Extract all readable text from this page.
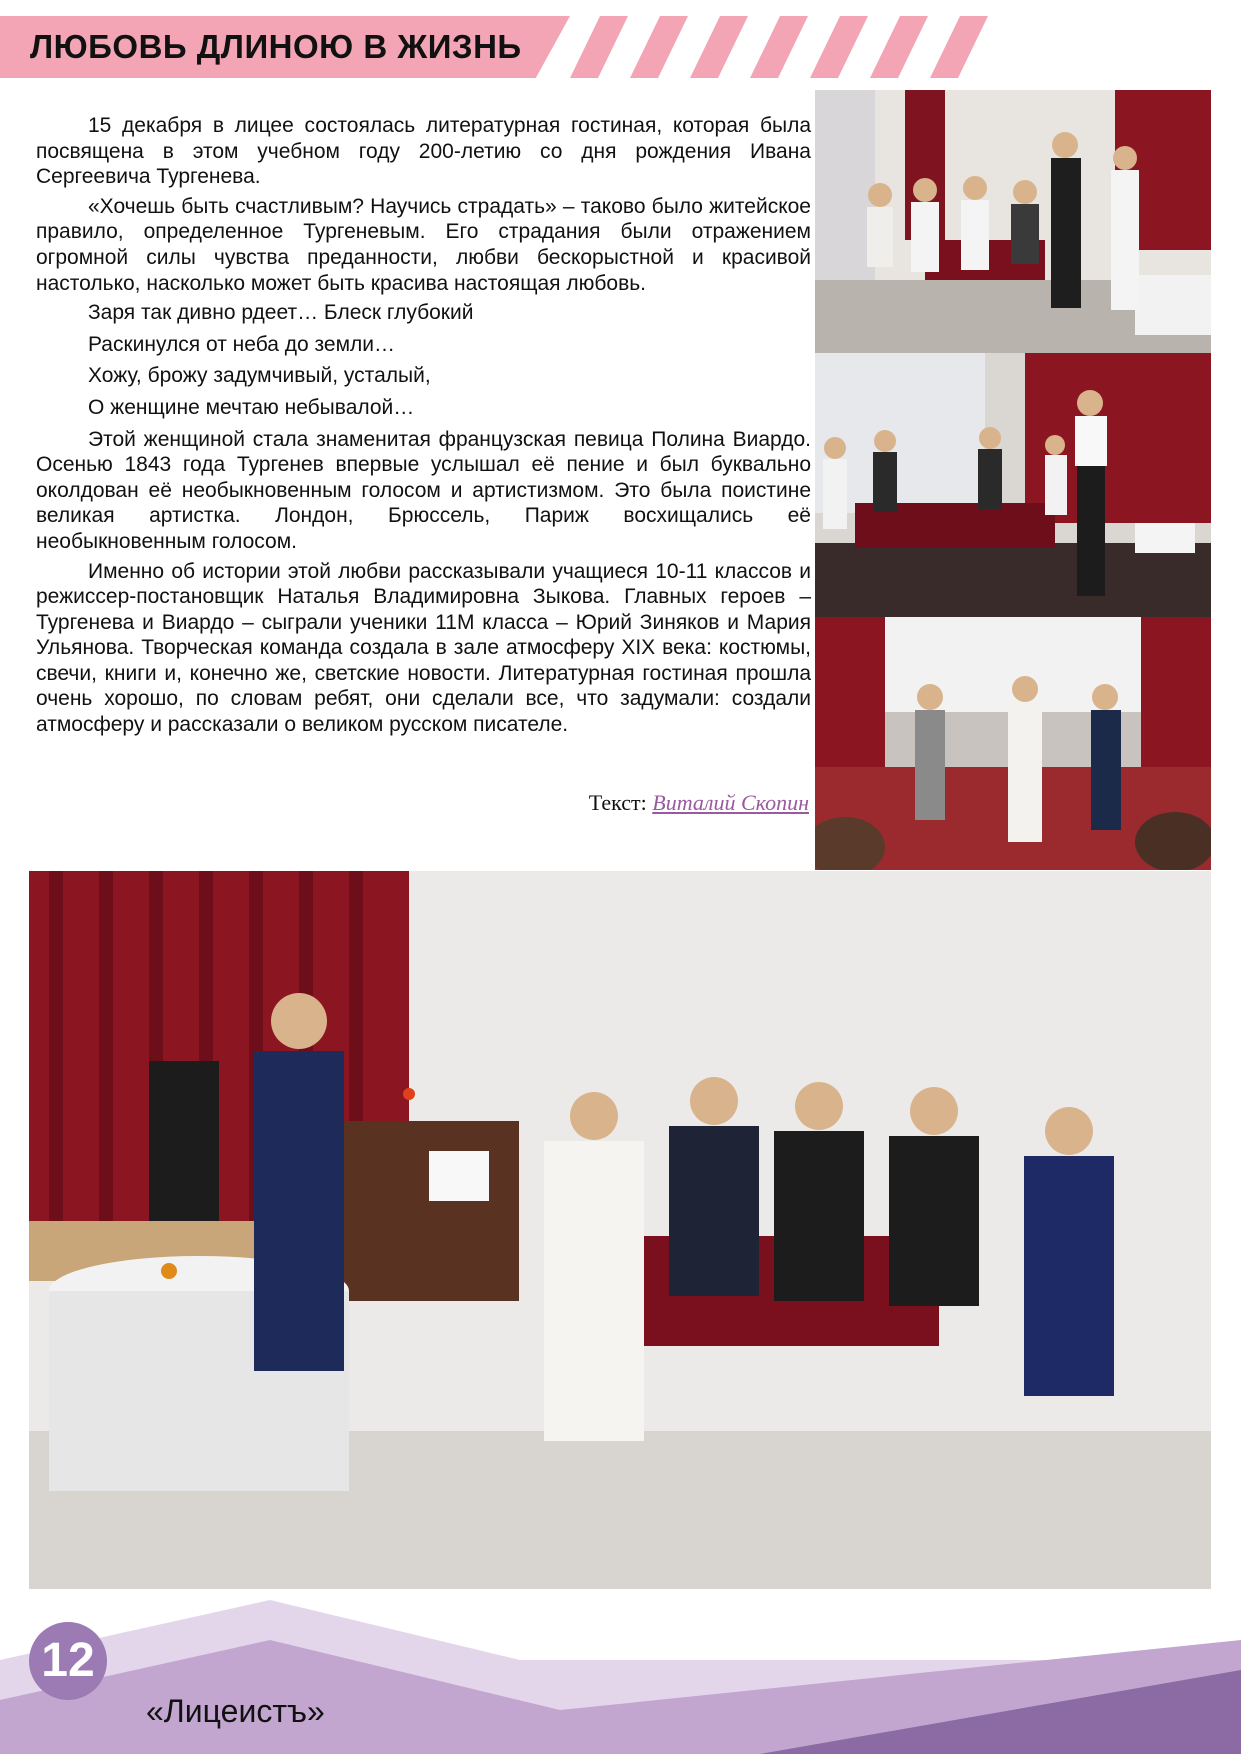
ЛЮБОВЬ ДЛИНОЮ В ЖИЗНЬ

15 декабря в лицее состоялась литературная гостиная, которая была посвящена в этом учебном году 200-летию со дня рождения Ивана Сергеевича Тургенева.

«Хочешь быть счастливым? Научись страдать» – таково было житейское правило, определенное Тургеневым. Его страдания были отражением огромной силы чувства преданности, любви бескорыстной и красивой настолько, насколько может быть красива настоящая любовь.

Заря так дивно рдеет… Блеск глубокий

Раскинулся от неба до земли…

Хожу, брожу задумчивый, усталый,

О женщине мечтаю небывалой…

Этой женщиной стала знаменитая французская певица Полина Виардо. Осенью 1843 года Тургенев впервые услышал её пение и был буквально околдован её необыкновенным голосом и артистизмом. Это была поистине великая артистка. Лондон, Брюссель, Париж восхищались её необыкновенным голосом.

Именно об истории этой любви рассказывали учащиеся 10-11 классов и режиссер-постановщик Наталья Владимировна Зыкова. Главных героев – Тургенева и Виардо – сыграли ученики 11М класса – Юрий Зиняков и Мария Ульянова. Творческая команда создала в зале атмосферу XIX века: костюмы, свечи, книги и, конечно же, светские новости. Литературная гостиная прошла очень хорошо, по словам ребят, они сделали все, что задумали: создали атмосферу и рассказали о великом русском писателе.

Текст: Виталий Скопин
12
«Лицеистъ»
